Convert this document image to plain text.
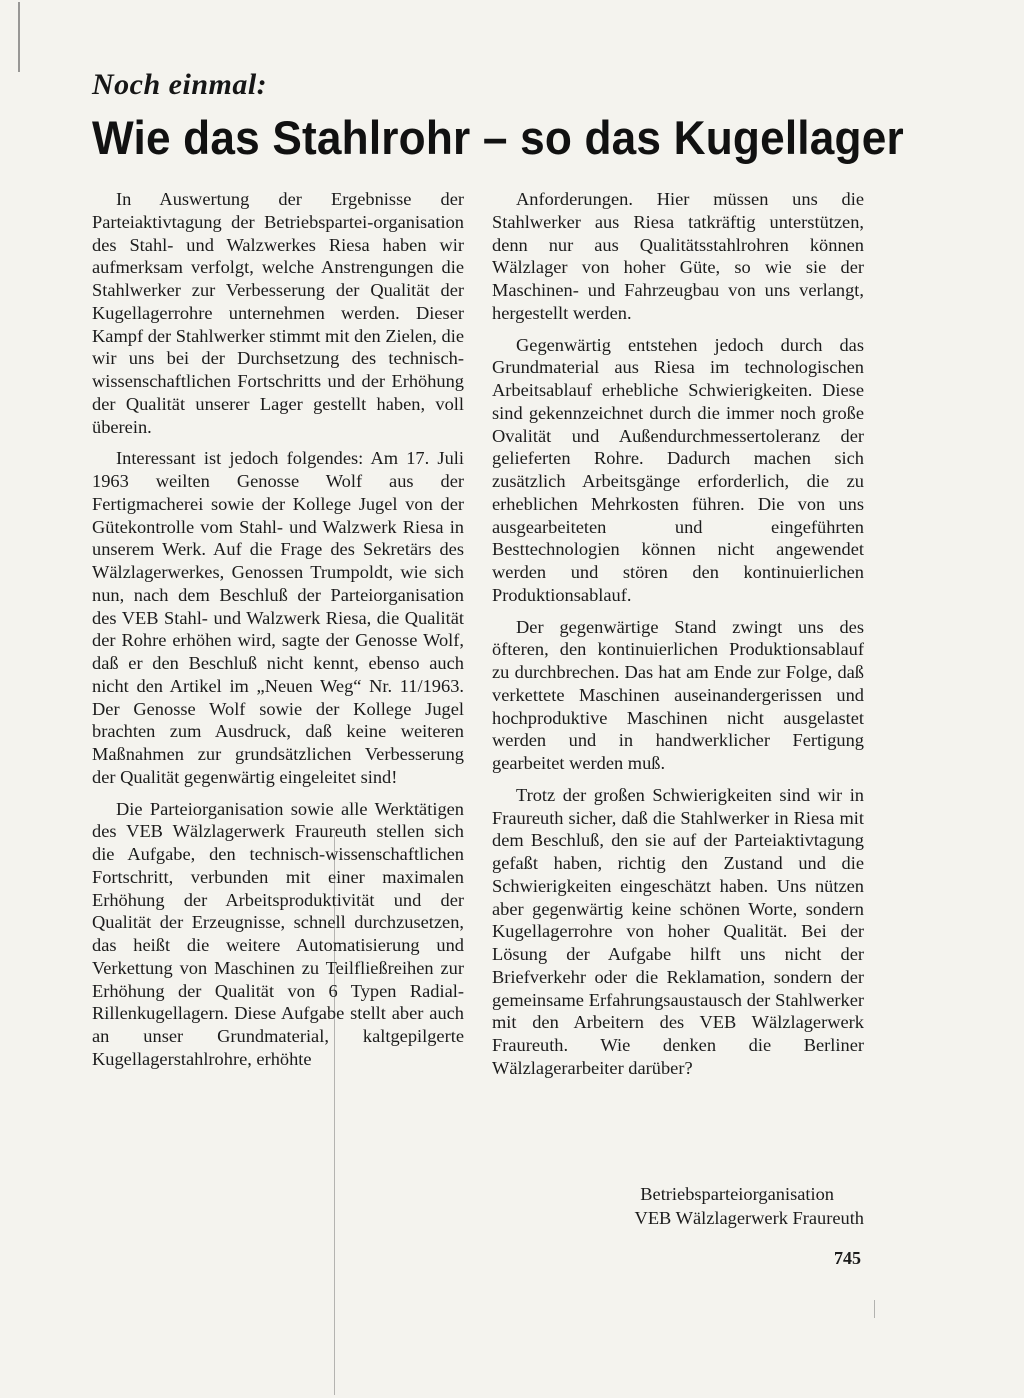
Noch einmal:
Wie das Stahlrohr – so das Kugellager

In Auswertung der Ergebnisse der Parteiaktivtagung der Betriebspartei-organisation des Stahl- und Walzwerkes Riesa haben wir aufmerksam verfolgt, welche Anstrengungen die Stahlwerker zur Verbesserung der Qualität der Kugellagerrohre unternehmen werden. Dieser Kampf der Stahlwerker stimmt mit den Zielen, die wir uns bei der Durchsetzung des technisch-wissenschaftlichen Fortschritts und der Erhöhung der Qualität unserer Lager gestellt haben, voll überein.

Interessant ist jedoch folgendes: Am 17. Juli 1963 weilten Genosse Wolf aus der Fertigmacherei sowie der Kollege Jugel von der Gütekontrolle vom Stahl- und Walzwerk Riesa in unserem Werk. Auf die Frage des Sekretärs des Wälzlagerwerkes, Genossen Trumpoldt, wie sich nun, nach dem Beschluß der Parteiorganisation des VEB Stahl- und Walzwerk Riesa, die Qualität der Rohre erhöhen wird, sagte der Genosse Wolf, daß er den Beschluß nicht kennt, ebenso auch nicht den Artikel im „Neuen Weg“ Nr. 11/1963. Der Genosse Wolf sowie der Kollege Jugel brachten zum Ausdruck, daß keine weiteren Maßnahmen zur grundsätzlichen Verbesserung der Qualität gegenwärtig eingeleitet sind!

Die Parteiorganisation sowie alle Werktätigen des VEB Wälzlagerwerk Fraureuth stellen sich die Aufgabe, den technisch-wissenschaftlichen Fortschritt, verbunden mit einer maximalen Erhöhung der Arbeitsproduktivität und der Qualität der Erzeugnisse, schnell durchzusetzen, das heißt die weitere Automatisierung und Verkettung von Maschinen zu Teilfließreihen zur Erhöhung der Qualität von 6 Typen Radial-Rillenkugellagern. Diese Aufgabe stellt aber auch an unser Grundmaterial, kaltgepilgerte Kugellagerstahlrohre, erhöhte

Anforderungen. Hier müssen uns die Stahlwerker aus Riesa tatkräftig unterstützen, denn nur aus Qualitätsstahlrohren können Wälzlager von hoher Güte, so wie sie der Maschinen- und Fahrzeugbau von uns verlangt, hergestellt werden.

Gegenwärtig entstehen jedoch durch das Grundmaterial aus Riesa im technologischen Arbeitsablauf erhebliche Schwierigkeiten. Diese sind gekennzeichnet durch die immer noch große Ovalität und Außendurchmessertoleranz der gelieferten Rohre. Dadurch machen sich zusätzlich Arbeitsgänge erforderlich, die zu erheblichen Mehrkosten führen. Die von uns ausgearbeiteten und eingeführten Besttechnologien können nicht angewendet werden und stören den kontinuierlichen Produktionsablauf.

Der gegenwärtige Stand zwingt uns des öfteren, den kontinuierlichen Produktionsablauf zu durchbrechen. Das hat am Ende zur Folge, daß verkettete Maschinen auseinandergerissen und hochproduktive Maschinen nicht ausgelastet werden und in handwerklicher Fertigung gearbeitet werden muß.

Trotz der großen Schwierigkeiten sind wir in Fraureuth sicher, daß die Stahlwerker in Riesa mit dem Beschluß, den sie auf der Parteiaktivtagung gefaßt haben, richtig den Zustand und die Schwierigkeiten eingeschätzt haben. Uns nützen aber gegenwärtig keine schönen Worte, sondern Kugellagerrohre von hoher Qualität. Bei der Lösung der Aufgabe hilft uns nicht der Briefverkehr oder die Reklamation, sondern der gemeinsame Erfahrungsaustausch der Stahlwerker mit den Arbeitern des VEB Wälzlagerwerk Fraureuth. Wie denken die Berliner Wälzlagerarbeiter darüber?

Betriebsparteiorganisation
VEB Wälzlagerwerk Fraureuth
745
